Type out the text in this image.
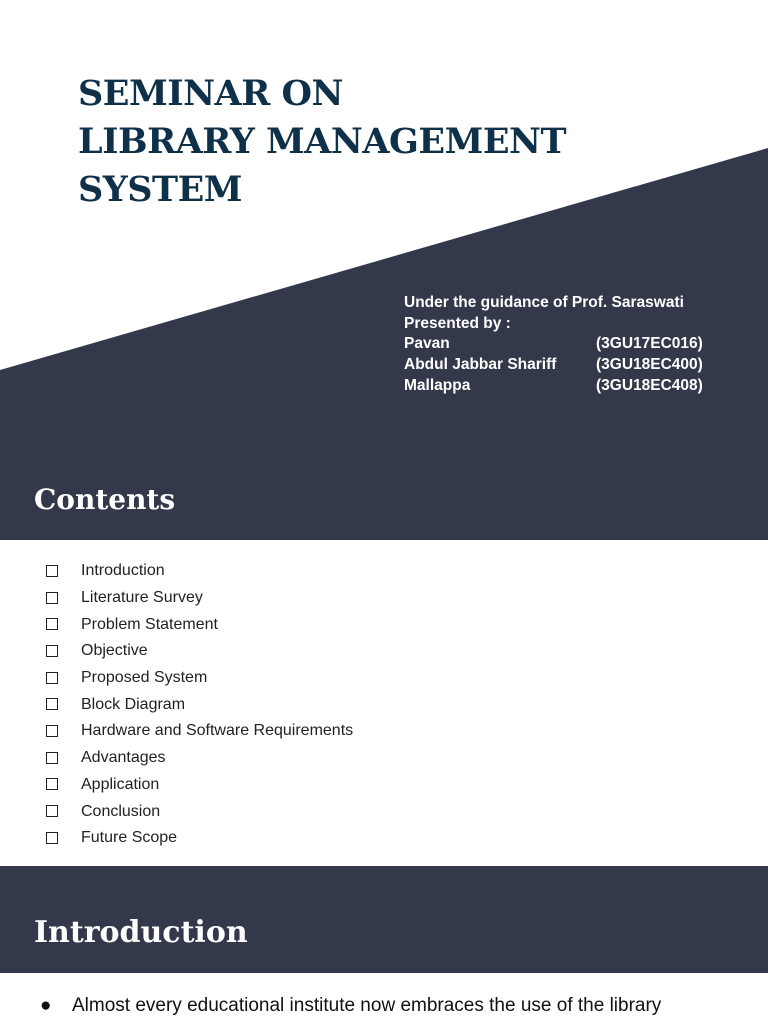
SEMINAR ON
LIBRARY MANAGEMENT
SYSTEM
Under the guidance of Prof. Saraswati
Presented by :
Pavan	(3GU17EC016)
Abdul Jabbar Shariff	(3GU18EC400)
Mallappa	(3GU18EC408)
Contents
Introduction
Literature Survey
Problem Statement
Objective
Proposed System
Block Diagram
Hardware and Software Requirements
Advantages
Application
Conclusion
Future Scope
Introduction
●	Almost every educational institute now embraces the use of the library
